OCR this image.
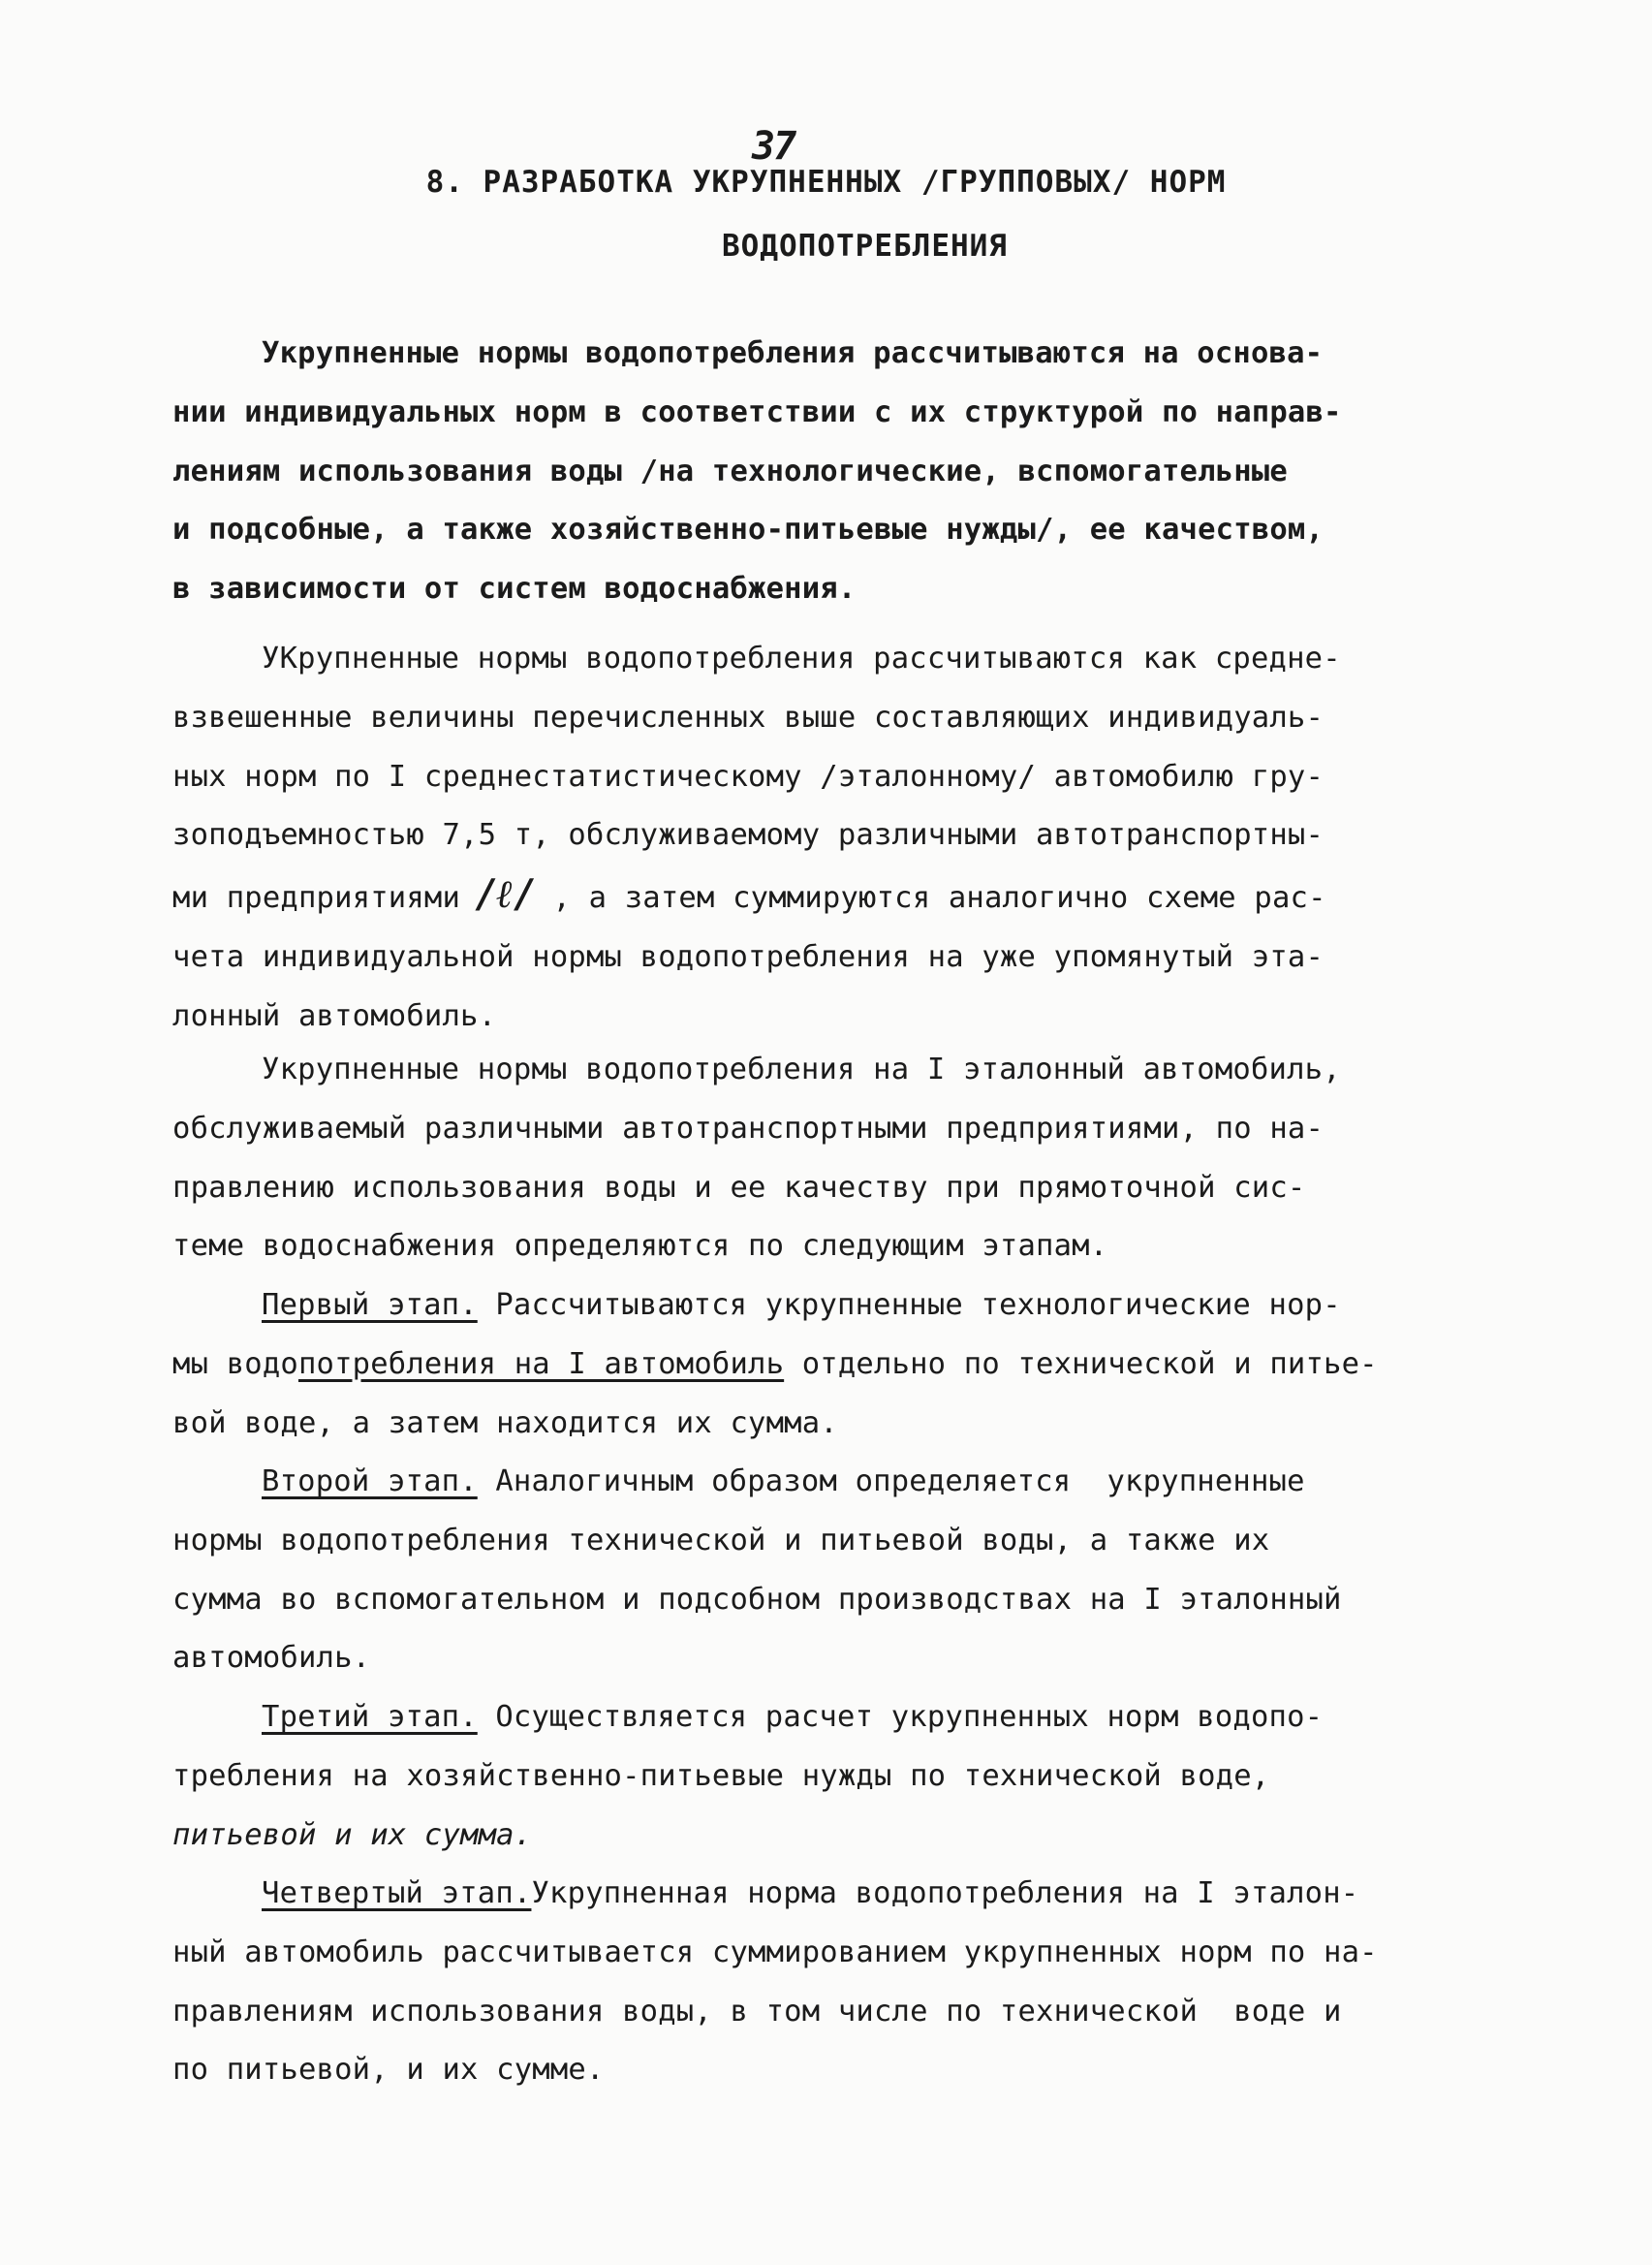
37
8. РАЗРАБОТКА УКРУПНЕННЫХ /ГРУППОВЫХ/ НОРМ
ВОДОПОТРЕБЛЕНИЯ
Укрупненные нормы водопотребления рассчитываются на основа-
нии индивидуальных норм в соответствии с их структурой по направ-
лениям использования воды /на технологические, вспомогательные
и подсобные, а также хозяйственно-питьевые нужды/, ее качеством,
в зависимости от систем водоснабжения.
УКрупненные нормы водопотребления рассчитываются как средне-
взвешенные величины перечисленных выше составляющих индивидуаль-
ных норм по I среднестатистическому /эталонному/ автомобилю гру-
зоподъемностью 7,5 т, обслуживаемому различными автотранспортны-
ми предприятиями /ℓ/ , а затем суммируются аналогично схеме рас-
чета индивидуальной нормы водопотребления на уже упомянутый эта-
лонный автомобиль.
Укрупненные нормы водопотребления на I эталонный автомобиль,
обслуживаемый различными автотранспортными предприятиями, по на-
правлению использования воды и ее качеству при прямоточной сис-
теме водоснабжения определяются по следующим этапам.
Первый этап. Рассчитываются укрупненные технологические нор-
мы водопотребления на I автомобиль отдельно по технической и питье-
вой воде, а затем находится их сумма.
Второй этап. Аналогичным образом определяется  укрупненные
нормы водопотребления технической и питьевой воды, а также их
сумма во вспомогательном и подсобном производствах на I эталонный
автомобиль.
Третий этап. Осуществляется расчет укрупненных норм водопо-
требления на хозяйственно-питьевые нужды по технической воде,
питьевой и их сумма.
Четвертый этап.Укрупненная норма водопотребления на I эталон-
ный автомобиль рассчитывается суммированием укрупненных норм по на-
правлениям использования воды, в том числе по технической  воде и
по питьевой, и их сумме.
